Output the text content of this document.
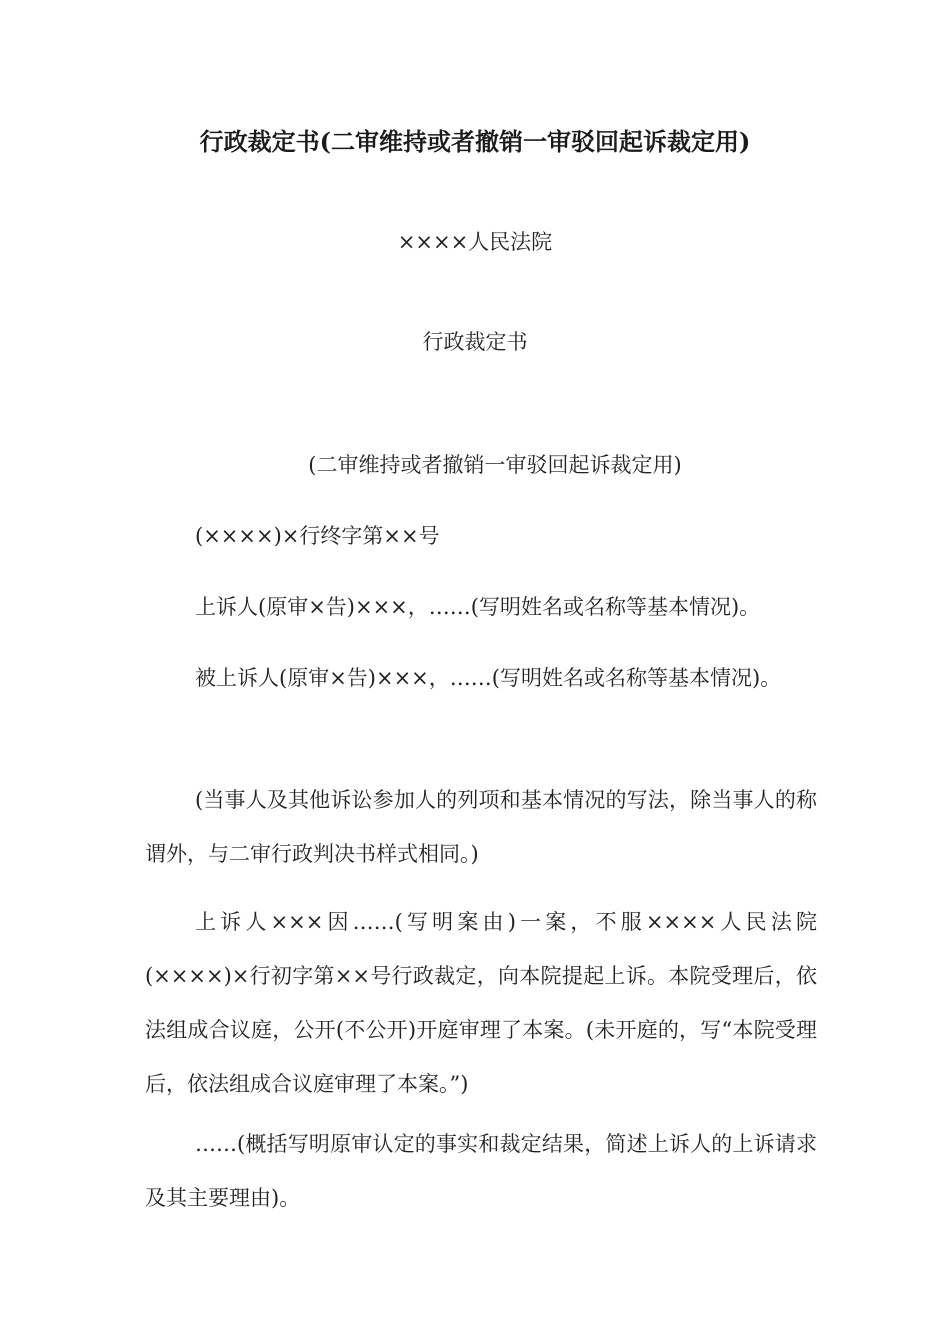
行政裁定书(二审维持或者撤销一审驳回起诉裁定用)
××××人民法院
行政裁定书
(二审维持或者撤销一审驳回起诉裁定用)
(××××)×行终字第××号

上诉人(原审×告)×××，……(写明姓名或名称等基本情况)。

被上诉人(原审×告)×××，……(写明姓名或名称等基本情况)。

(当事人及其他诉讼参加人的列项和基本情况的写法，除当事人的称谓外，与二审行政判决书样式相同。)

上诉人×××因……(写明案由)一案，不服××××人民法院(××××)×行初字第××号行政裁定，向本院提起上诉。本院受理后，依法组成合议庭，公开(不公开)开庭审理了本案。(未开庭的，写“本院受理后，依法组成合议庭审理了本案。”)

……(概括写明原审认定的事实和裁定结果，简述上诉人的上诉请求及其主要理由)。
